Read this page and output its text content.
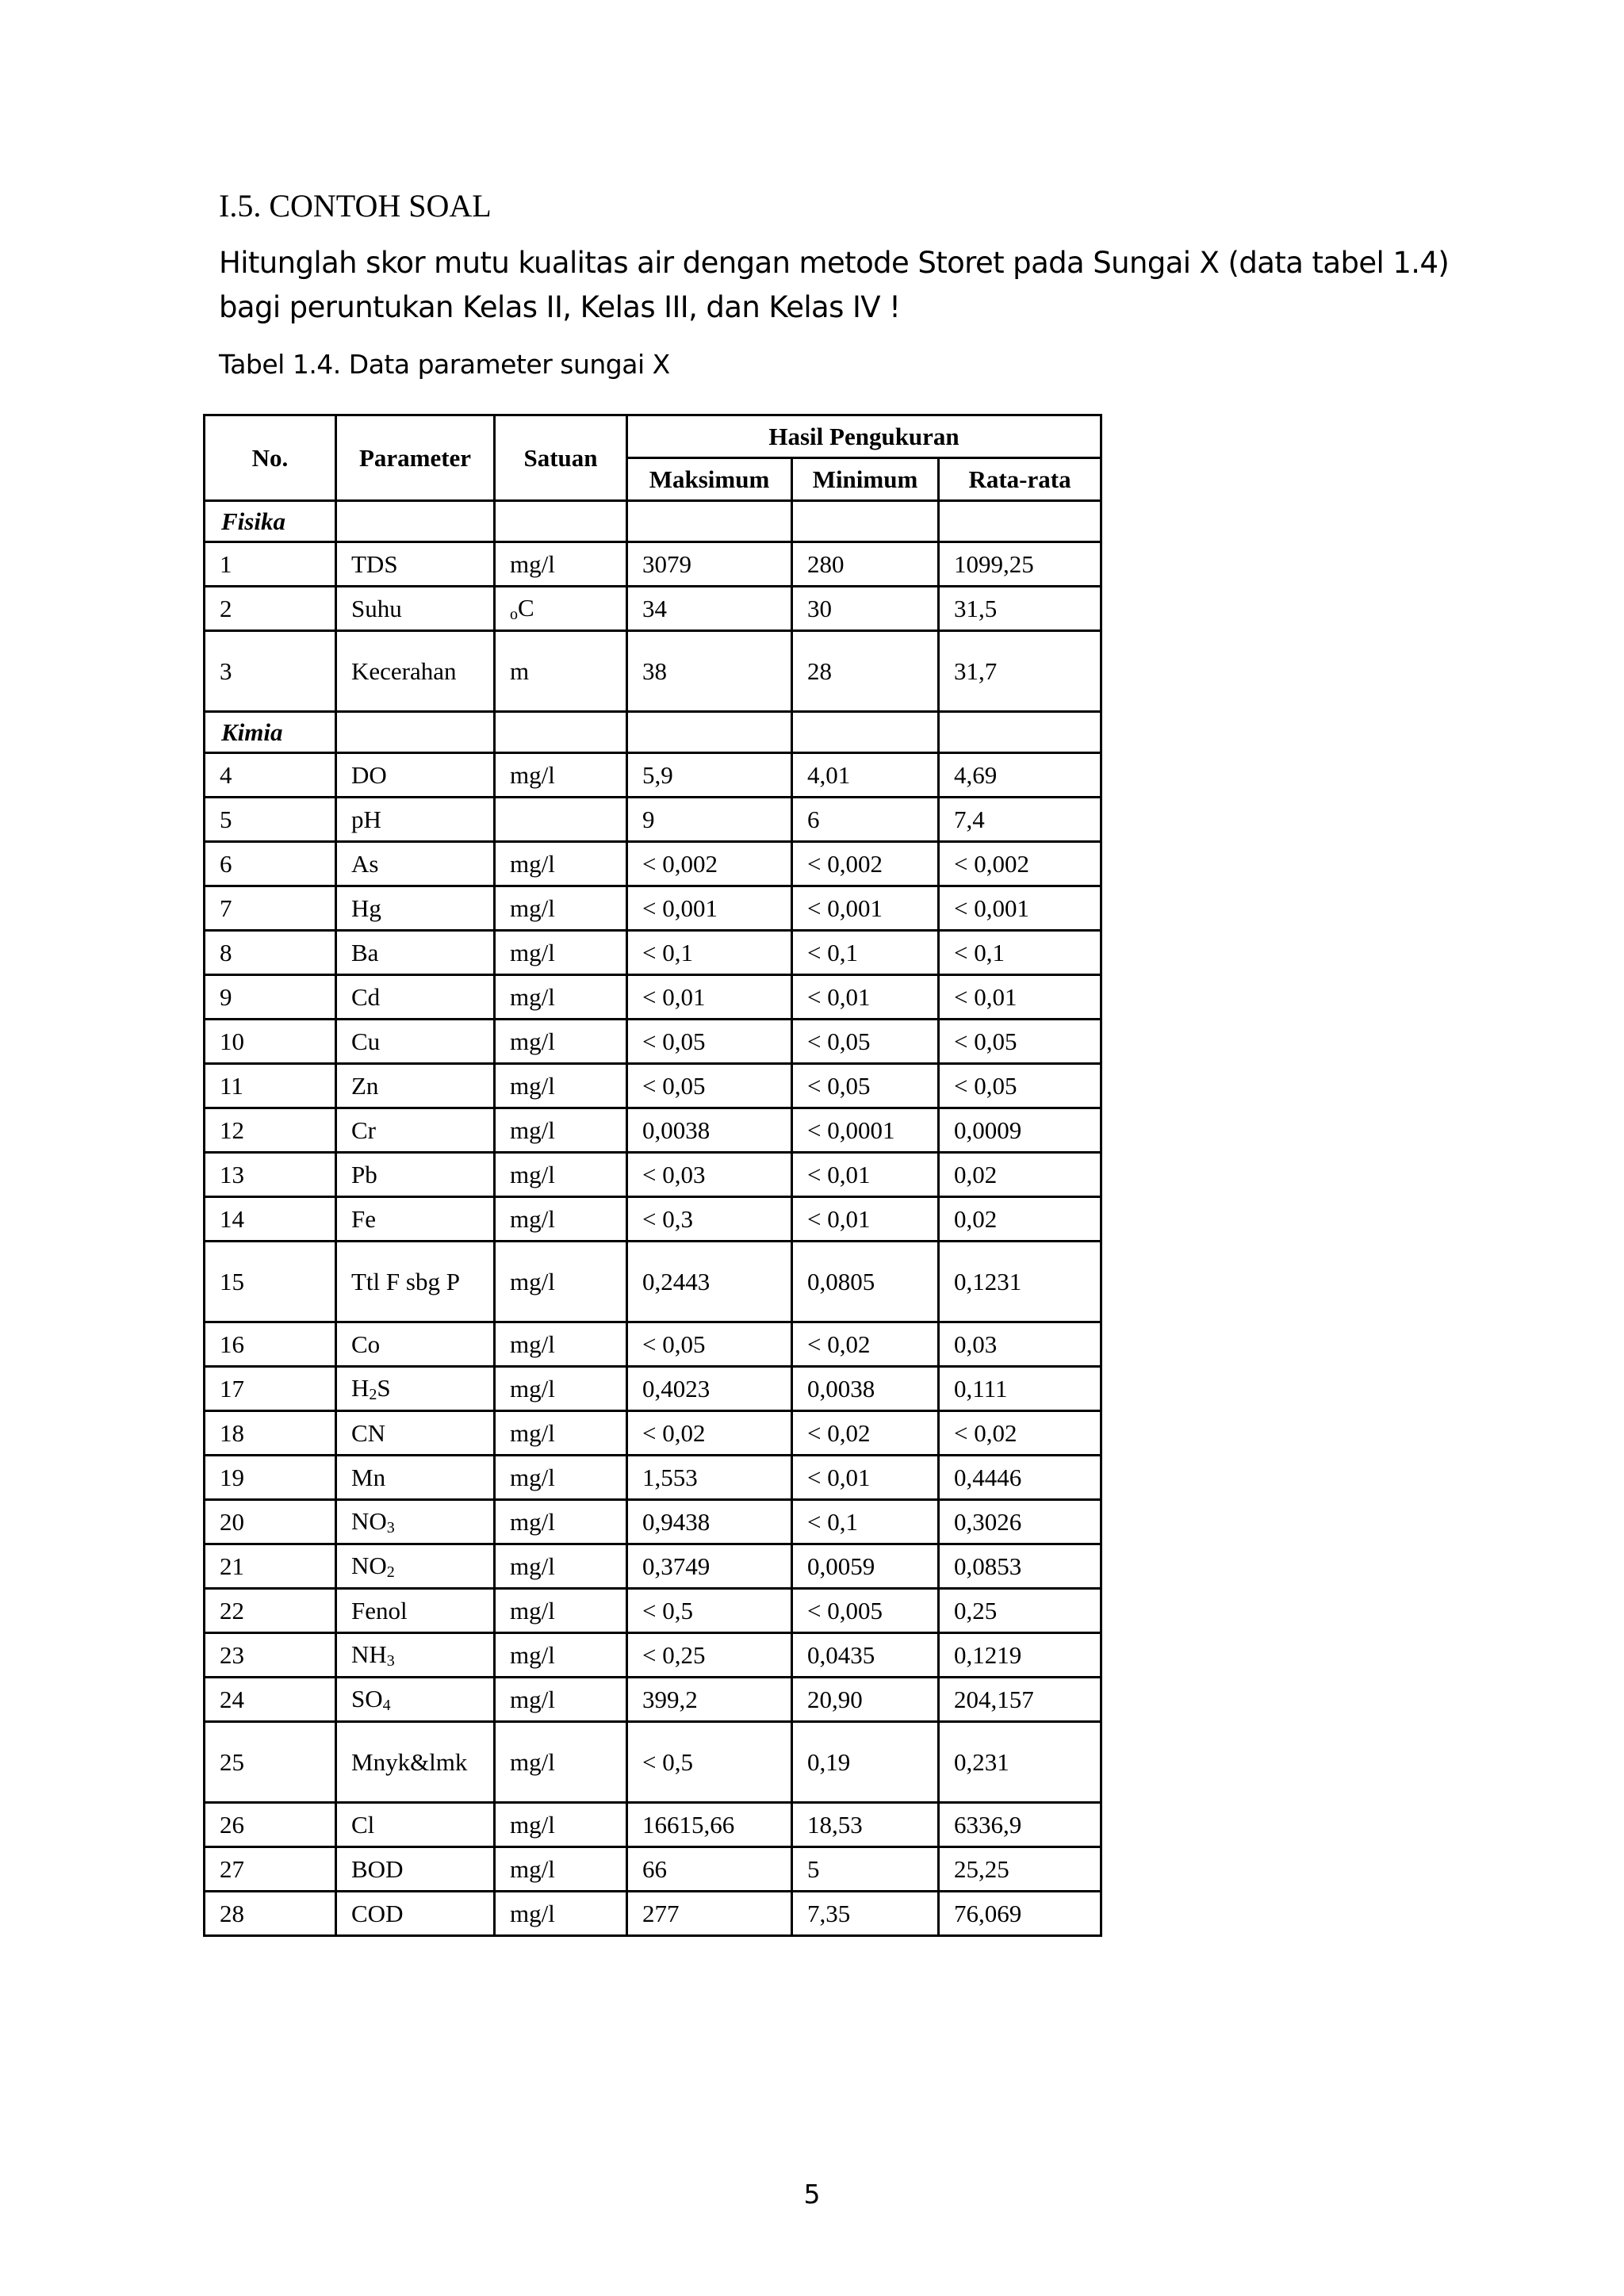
I.5. CONTOH SOAL
Hitunglah skor mutu kualitas air dengan metode Storet pada Sungai X (data tabel 1.4) bagi peruntukan Kelas II, Kelas III, dan Kelas IV !
Tabel 1.4. Data parameter sungai X
No.	Parameter	Satuan	Hasil Pengukuran		
			Maksimum	Minimum	Rata-rata
Fisika					
1	TDS	mg/l	3079	280	1099,25
2	Suhu	$_o$C	34	30	31,5
3	Kecerahan	m	38	28	31,7
Kimia					
4	DO	mg/l	5,9	4,01	4,69
5	pH		9	6	7,4
6	As	mg/l	< 0,002	< 0,002	< 0,002
7	Hg	mg/l	< 0,001	< 0,001	< 0,001
8	Ba	mg/l	< 0,1	< 0,1	< 0,1
9	Cd	mg/l	< 0,01	< 0,01	< 0,01
10	Cu	mg/l	< 0,05	< 0,05	< 0,05
11	Zn	mg/l	< 0,05	< 0,05	< 0,05
12	Cr	mg/l	0,0038	< 0,0001	0,0009
13	Pb	mg/l	< 0,03	< 0,01	0,02
14	Fe	mg/l	< 0,3	< 0,01	0,02
15	Ttl F sbg P	mg/l	0,2443	0,0805	0,1231
16	Co	mg/l	< 0,05	< 0,02	0,03
17	$H_2S$	mg/l	0,4023	0,0038	0,111
18	CN	mg/l	< 0,02	< 0,02	< 0,02
19	Mn	mg/l	1,553	< 0,01	0,4446
20	$NO_3$	mg/l	0,9438	< 0,1	0,3026
21	$NO_2$	mg/l	0,3749	0,0059	0,0853
22	Fenol	mg/l	< 0,5	< 0,005	0,25
23	$NH_3$	mg/l	< 0,25	0,0435	0,1219
24	$SO_4$	mg/l	399,2	20,90	204,157
25	Mnyk&lmk	mg/l	< 0,5	0,19	0,231
26	Cl	mg/l	16615,66	18,53	6336,9
27	BOD	mg/l	66	5	25,25
28	COD	mg/l	277	7,35	76,069
5
